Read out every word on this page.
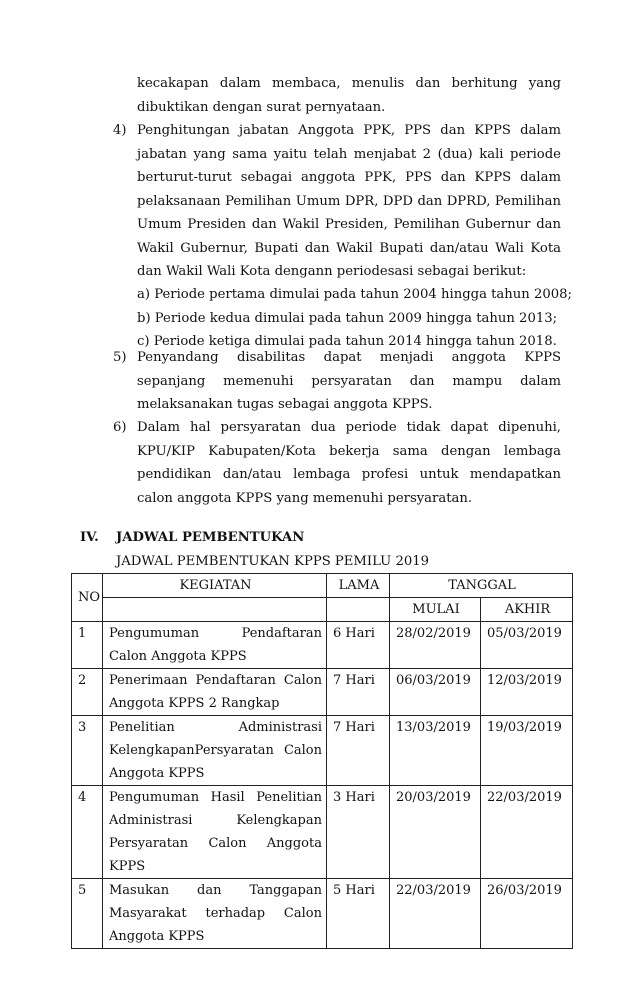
kecakapan dalam membaca, menulis dan berhitung yang dibuktikan dengan surat pernyataan.

4) Penghitungan jabatan Anggota PPK, PPS dan KPPS dalam jabatan yang sama yaitu telah menjabat 2 (dua) kali periode berturut-turut sebagai anggota PPK, PPS dan KPPS dalam pelaksanaan Pemilihan Umum DPR, DPD dan DPRD, Pemilihan Umum Presiden dan Wakil Presiden, Pemilihan Gubernur dan Wakil Gubernur, Bupati dan Wakil Bupati dan/atau Wali Kota dan Wakil Wali Kota dengann periodesasi sebagai berikut:

a) Periode pertama dimulai pada tahun 2004 hingga tahun 2008;
b) Periode kedua dimulai pada tahun 2009 hingga tahun 2013;
c) Periode ketiga dimulai pada tahun 2014 hingga tahun 2018.
5) Penyandang disabilitas dapat menjadi anggota KPPS sepanjang memenuhi persyaratan dan mampu dalam melaksanakan tugas sebagai anggota KPPS.

6) Dalam hal persyaratan dua periode tidak dapat dipenuhi, KPU/KIP Kabupaten/Kota bekerja sama dengan lembaga pendidikan dan/atau lembaga profesi untuk mendapatkan calon anggota KPPS yang memenuhi persyaratan.

IV. JADWAL PEMBENTUKAN
JADWAL PEMBENTUKAN KPPS PEMILU 2019
NO	KEGIATAN	LAMA	TANGGAL	
			MULAI	AKHIR
1	Pengumuman Pendaftaran Calon Anggota KPPS	6 Hari	28/02/2019	05/03/2019
2	Penerimaan Pendaftaran Calon Anggota KPPS 2 Rangkap	7 Hari	06/03/2019	12/03/2019
3	Penelitian Administrasi KelengkapanPersyaratan Calon Anggota KPPS	7 Hari	13/03/2019	19/03/2019
4	Pengumuman Hasil Penelitian Administrasi Kelengkapan Persyaratan Calon Anggota KPPS	3 Hari	20/03/2019	22/03/2019
5	Masukan dan Tanggapan Masyarakat terhadap Calon Anggota KPPS	5 Hari	22/03/2019	26/03/2019
